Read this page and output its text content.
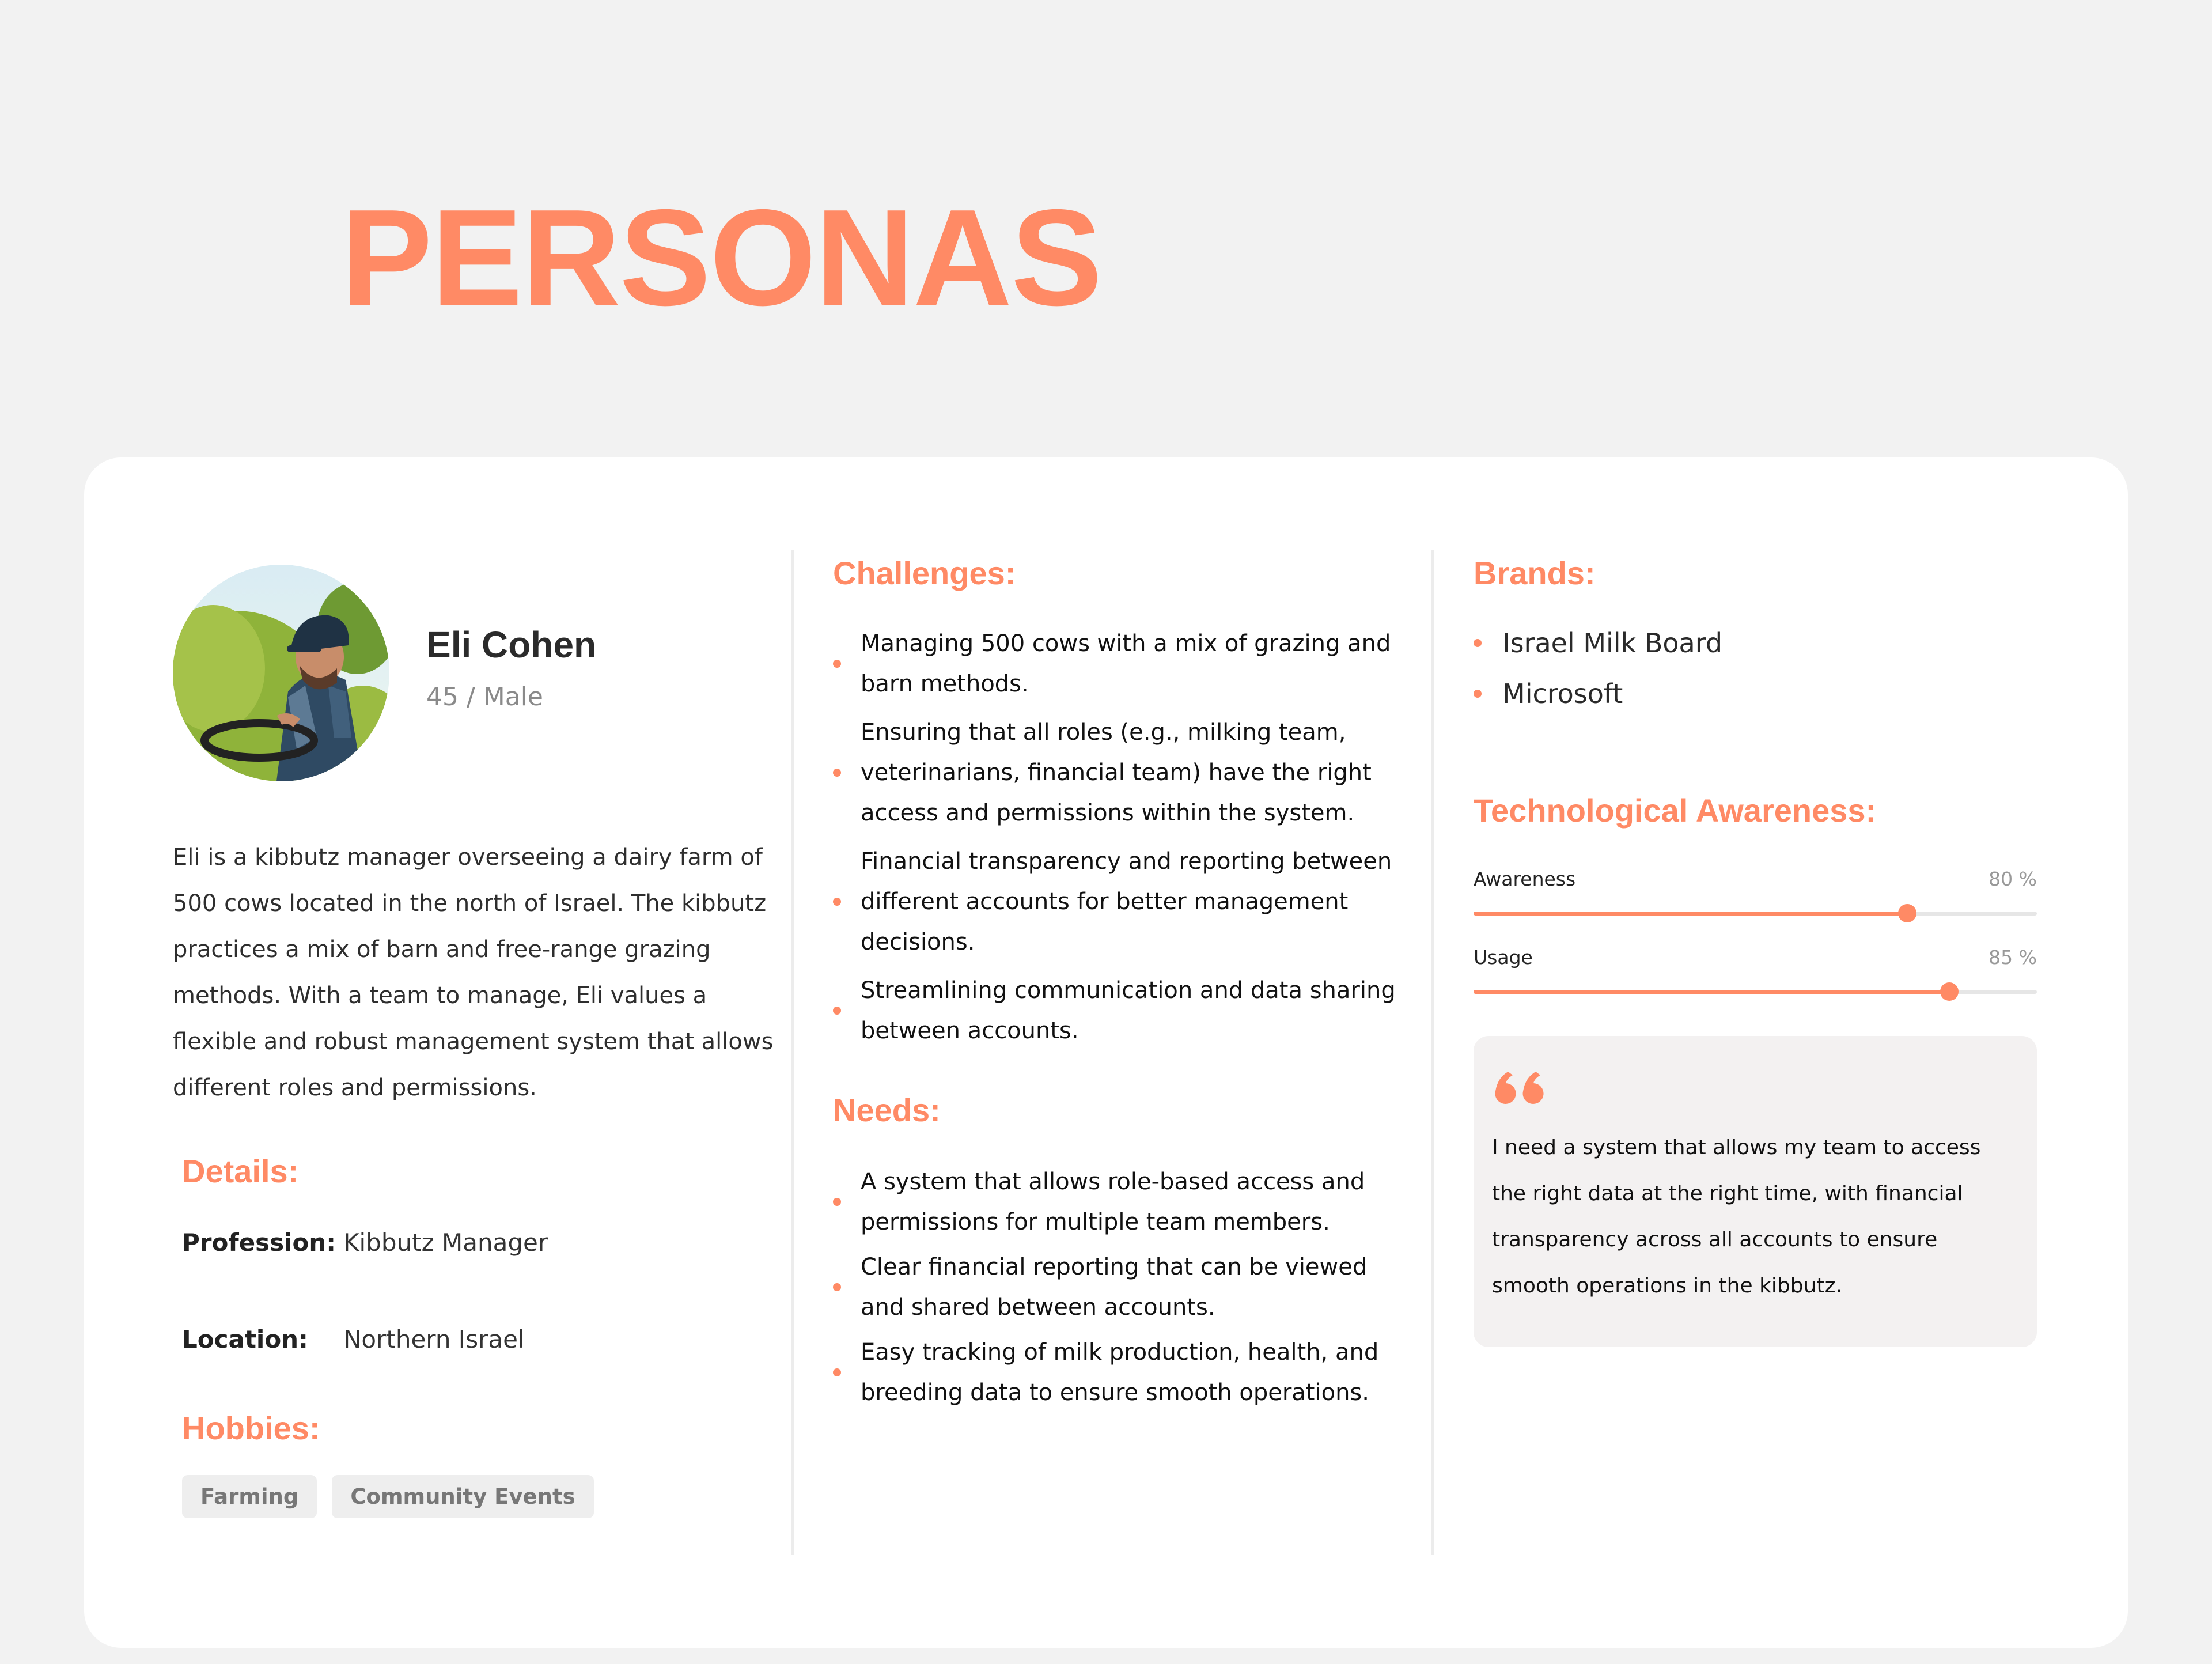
PERSONAS
Eli Cohen
45 / Male

Eli is a kibbutz manager overseeing a dairy farm of 500 cows located in the north of Israel. The kibbutz practices a mix of barn and free-range grazing methods. With a team to manage, Eli values a flexible and robust management system that allows different roles and permissions.

Details:
Profession: Kibbutz Manager
Location: Northern Israel
Hobbies:
Farming	Community Events
Challenges:
Managing 500 cows with a mix of grazing and barn methods.
Ensuring that all roles (e.g., milking team, veterinarians, financial team) have the right access and permissions within the system.
Financial transparency and reporting between different accounts for better management decisions.
Streamlining communication and data sharing between accounts.
Needs:
A system that allows role-based access and permissions for multiple team members.
Clear financial reporting that can be viewed and shared between accounts.
Easy tracking of milk production, health, and breeding data to ensure smooth operations.
Brands:
Israel Milk Board
Microsoft
Technological Awareness:
Awareness	80 %
Usage	85 %

I need a system that allows my team to access the right data at the right time, with financial transparency across all accounts to ensure smooth operations in the kibbutz.
